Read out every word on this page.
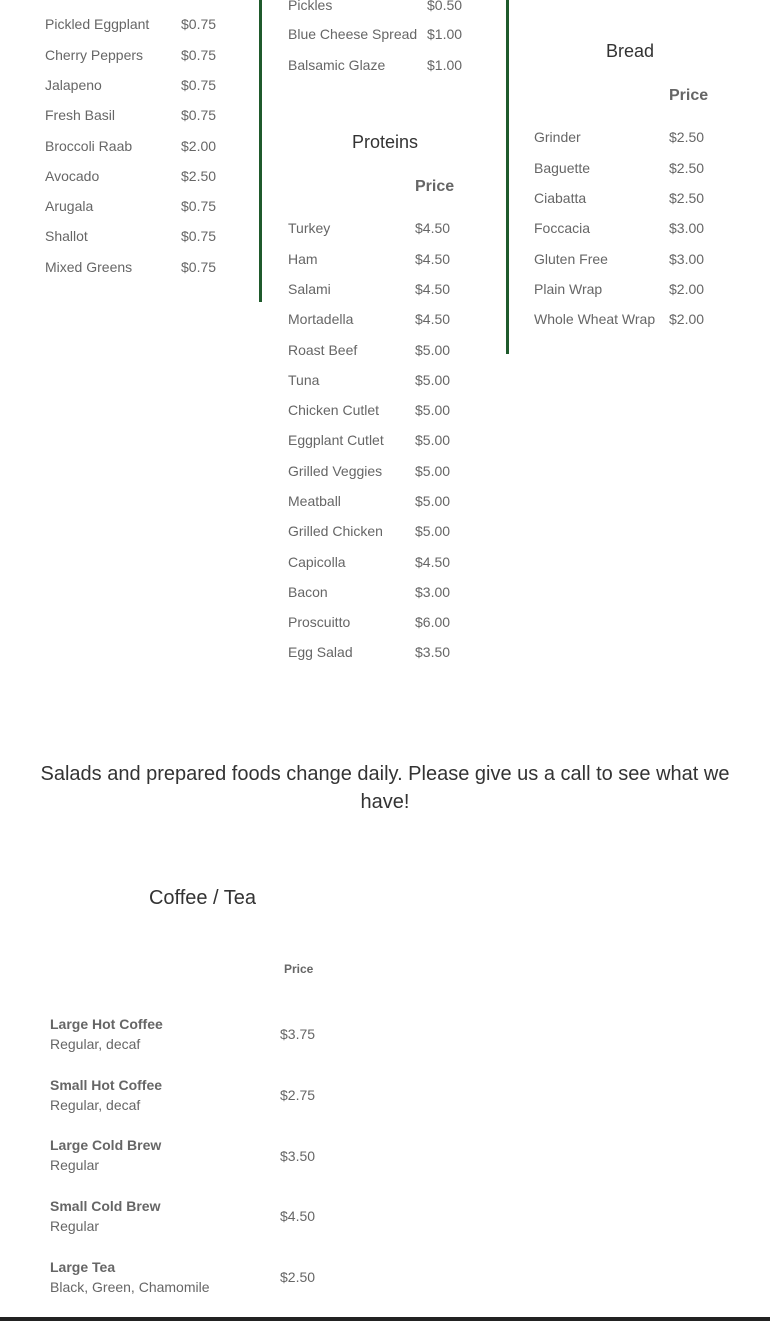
Pickled Eggplant $0.75
Cherry Peppers	$0.75
Jalapeno	$0.75
Fresh Basil	$0.75
Broccoli Raab	$2.00
Avocado	$2.50
Arugala	$0.75
Shallot	$0.75
Mixed Greens	$0.75
Pickles	$0.50
Blue Cheese Spread $1.00
Balsamic Glaze	$1.00
Proteins
Price
Turkey	$4.50
Ham	$4.50
Salami	$4.50
Mortadella	$4.50
Roast Beef	$5.00
Tuna	$5.00
Chicken Cutlet	$5.00
Eggplant Cutlet $5.00
Grilled Veggies $5.00
Meatball	$5.00
Grilled Chicken $5.00
Capicolla	$4.50
Bacon	$3.00
Proscuitto	$6.00
Egg Salad	$3.50
Bread
Price
Grinder	$2.50
Baguette	$2.50
Ciabatta	$2.50
Foccacia	$3.00
Gluten Free	$3.00
Plain Wrap	$2.00
Whole Wheat Wrap $2.00
Salads and prepared foods change daily. Please give us a call to see what we have!
Coffee / Tea
Price
Large Hot Coffee
Regular, decaf
$3.75
Small Hot Coffee
Regular, decaf
$2.75
Large Cold Brew
Regular
$3.50
Small Cold Brew
Regular
$4.50
Large Tea
Black, Green, Chamomile
$2.50
